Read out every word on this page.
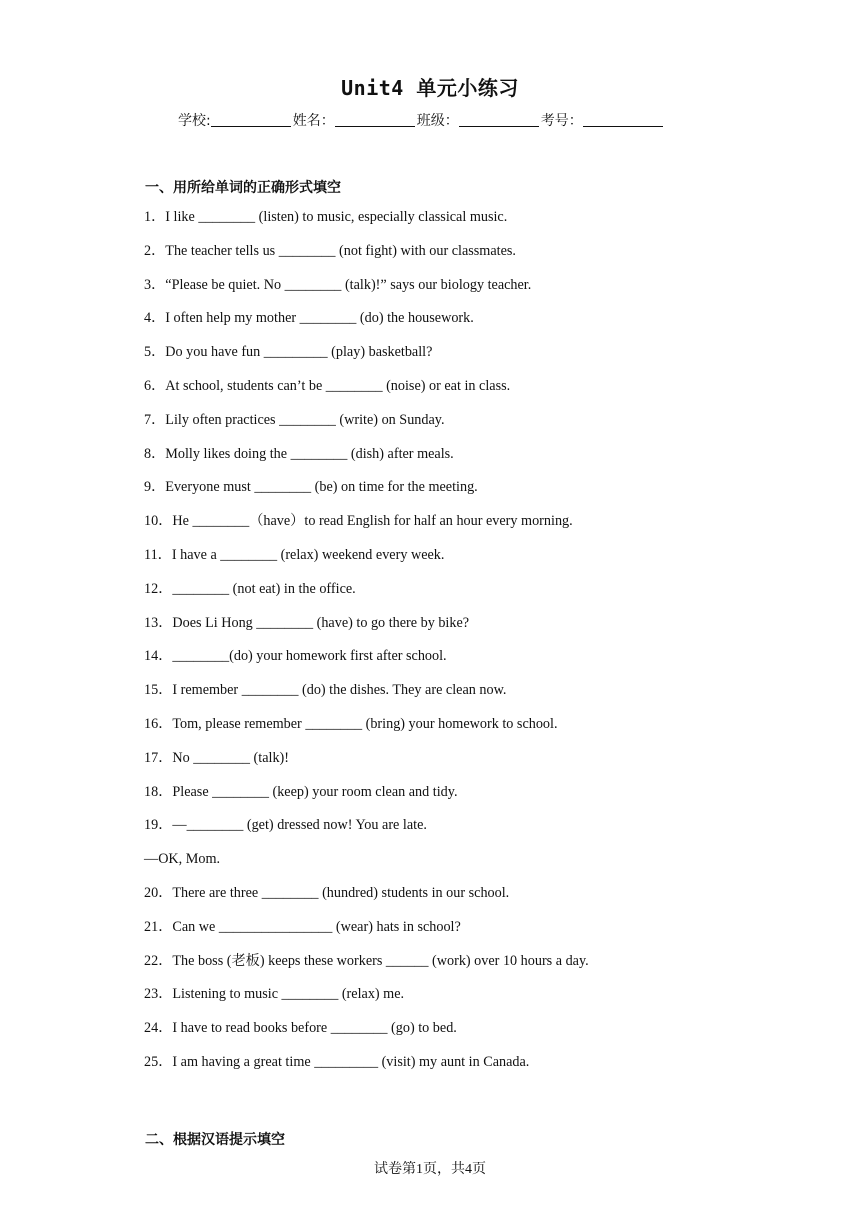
Unit4 单元小练习
学校:	姓名：	班级：	考号：
一、用所给单词的正确形式填空
1．I like ________ (listen) to music, especially classical music.
2．The teacher tells us ________ (not fight) with our classmates.
3．“Please be quiet. No ________ (talk)!” says our biology teacher.
4．I often help my mother ________ (do) the housework.
5．Do you have fun _________ (play) basketball?
6．At school, students can’t be ________ (noise) or eat in class.
7．Lily often practices ________ (write) on Sunday.
8．Molly likes doing the ________ (dish) after meals.
9．Everyone must ________ (be) on time for the meeting.
10．He ________（have）to read English for half an hour every morning.
11．I have a ________ (relax) weekend every week.
12．________ (not eat) in the office.
13．Does Li Hong ________ (have) to go there by bike?
14．________(do) your homework first after school.
15．I remember ________ (do) the dishes. They are clean now.
16．Tom, please remember ________ (bring) your homework to school.
17．No ________ (talk)!
18．Please ________ (keep) your room clean and tidy.
19．—________ (get) dressed now! You are late.
—OK, Mom.
20．There are three ________ (hundred) students in our school.
21．Can we ________________ (wear) hats in school?
22．The boss (老板) keeps these workers ______ (work) over 10 hours a day.
23．Listening to music ________ (relax) me.
24．I have to read books before ________ (go) to bed.
25．I am having a great time _________ (visit) my aunt in Canada.
二、根据汉语提示填空
试卷第1页，共4页
